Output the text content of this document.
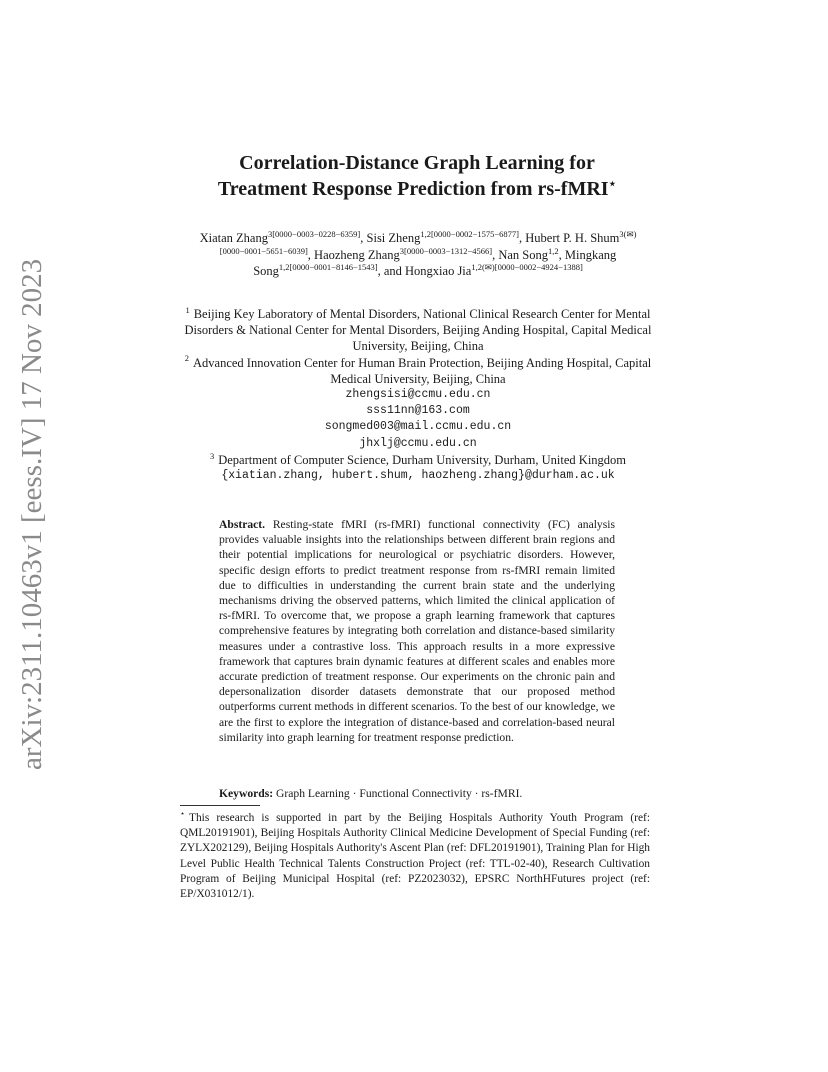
arXiv:2311.10463v1 [eess.IV] 17 Nov 2023
Correlation-Distance Graph Learning for
Treatment Response Prediction from rs-fMRI⋆
Xiatan Zhang$^{3[0000-0003-0228-6359]}$, Sisi Zheng$^{1,2[0000-0002-1575-6877]}$, Hubert P. H. Shum$^{3(✉)[0000-0001-5651-6039]}$, Haozheng Zhang$^{3[0000-0003-1312-4566]}$, Nan Song$^{1,2}$, Mingkang Song$^{1,2[0000-0001-8146-1543]}$, and Hongxiao Jia$^{1,2(✉)[0000-0002-4924-1388]}$
$^1$ Beijing Key Laboratory of Mental Disorders, National Clinical Research Center for Mental Disorders & National Center for Mental Disorders, Beijing Anding Hospital, Capital Medical University, Beijing, China
$^2$ Advanced Innovation Center for Human Brain Protection, Beijing Anding Hospital, Capital Medical University, Beijing, China
zhengsisi@ccmu.edu.cn
sss11nn@163.com
songmed003@mail.ccmu.edu.cn
jhxlj@ccmu.edu.cn
$^3$ Department of Computer Science, Durham University, Durham, United Kingdom
{xiatian.zhang, hubert.shum, haozheng.zhang}@durham.ac.uk
Abstract. Resting-state fMRI (rs-fMRI) functional connectivity (FC) analysis provides valuable insights into the relationships between different brain regions and their potential implications for neurological or psychiatric disorders. However, specific design efforts to predict treatment response from rs-fMRI remain limited due to difficulties in understanding the current brain state and the underlying mechanisms driving the observed patterns, which limited the clinical application of rs-fMRI. To overcome that, we propose a graph learning framework that captures comprehensive features by integrating both correlation and distance-based similarity measures under a contrastive loss. This approach results in a more expressive framework that captures brain dynamic features at different scales and enables more accurate prediction of treatment response. Our experiments on the chronic pain and depersonalization disorder datasets demonstrate that our proposed method outperforms current methods in different scenarios. To the best of our knowledge, we are the first to explore the integration of distance-based and correlation-based neural similarity into graph learning for treatment response prediction.
Keywords: Graph Learning · Functional Connectivity · rs-fMRI.
⋆ This research is supported in part by the Beijing Hospitals Authority Youth Program (ref: QML20191901), Beijing Hospitals Authority Clinical Medicine Development of Special Funding (ref: ZYLX202129), Beijing Hospitals Authority's Ascent Plan (ref: DFL20191901), Training Plan for High Level Public Health Technical Talents Construction Project (ref: TTL-02-40), Research Cultivation Program of Beijing Municipal Hospital (ref: PZ2023032), EPSRC NorthHFutures project (ref: EP/X031012/1).
